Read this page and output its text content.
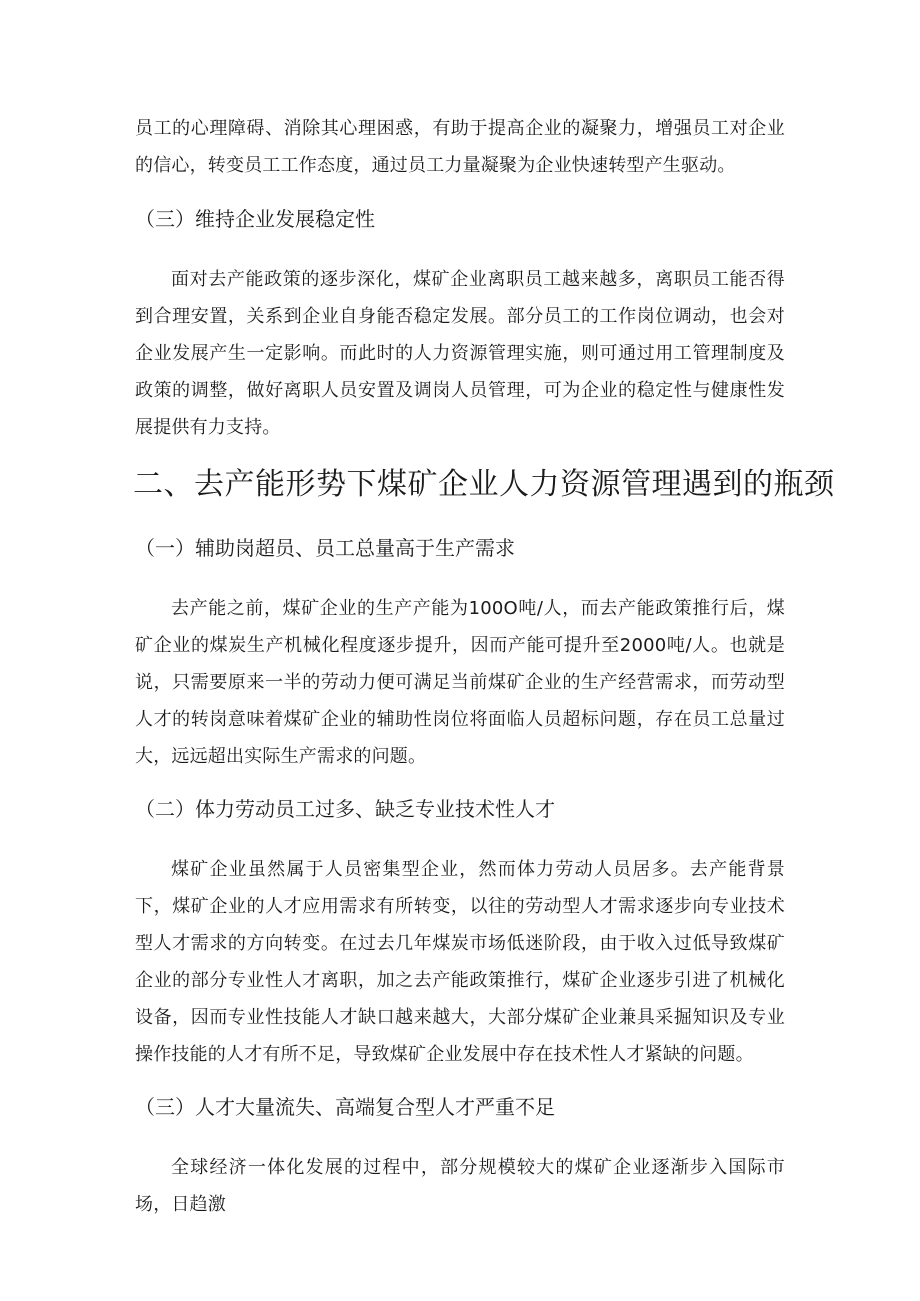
员工的心理障碍、消除其心理困惑，有助于提高企业的凝聚力，增强员工对企业的信心，转变员工工作态度，通过员工力量凝聚为企业快速转型产生驱动。

（三）维持企业发展稳定性

面对去产能政策的逐步深化，煤矿企业离职员工越来越多，离职员工能否得到合理安置，关系到企业自身能否稳定发展。部分员工的工作岗位调动，也会对企业发展产生一定影响。而此时的人力资源管理实施，则可通过用工管理制度及政策的调整，做好离职人员安置及调岗人员管理，可为企业的稳定性与健康性发展提供有力支持。

二、去产能形势下煤矿企业人力资源管理遇到的瓶颈
（一）辅助岗超员、员工总量高于生产需求

去产能之前，煤矿企业的生产产能为100O吨/人，而去产能政策推行后，煤矿企业的煤炭生产机械化程度逐步提升，因而产能可提升至2000吨/人。也就是说，只需要原来一半的劳动力便可满足当前煤矿企业的生产经营需求，而劳动型人才的转岗意味着煤矿企业的辅助性岗位将面临人员超标问题，存在员工总量过大，远远超出实际生产需求的问题。

（二）体力劳动员工过多、缺乏专业技术性人才

煤矿企业虽然属于人员密集型企业，然而体力劳动人员居多。去产能背景下，煤矿企业的人才应用需求有所转变，以往的劳动型人才需求逐步向专业技术型人才需求的方向转变。在过去几年煤炭市场低迷阶段，由于收入过低导致煤矿企业的部分专业性人才离职，加之去产能政策推行，煤矿企业逐步引进了机械化设备，因而专业性技能人才缺口越来越大，大部分煤矿企业兼具采掘知识及专业操作技能的人才有所不足，导致煤矿企业发展中存在技术性人才紧缺的问题。

（三）人才大量流失、高端复合型人才严重不足

全球经济一体化发展的过程中，部分规模较大的煤矿企业逐渐步入国际市场，日趋激
